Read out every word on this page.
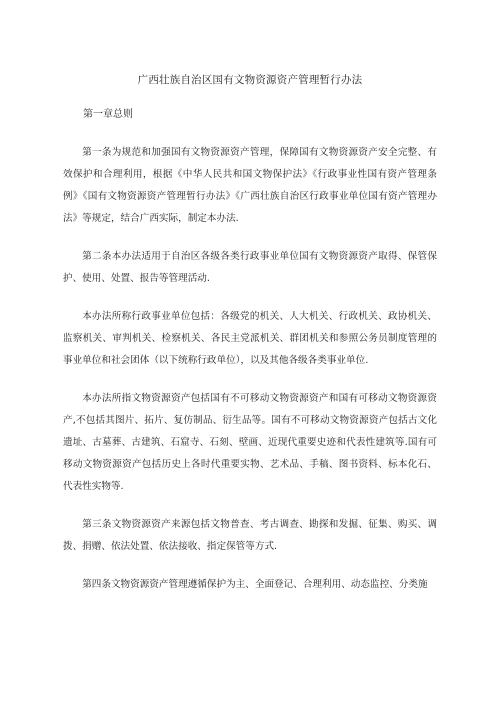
广西壮族自治区国有文物资源资产管理暂行办法
第一章总则

第一条为规范和加强国有文物资源资产管理，保障国有文物资源资产安全完整、有效保护和合理利用，根据《中华人民共和国文物保护法》《行政事业性国有资产管理条例》《国有文物资源资产管理暂行办法》《广西壮族自治区行政事业单位国有资产管理办法》等规定，结合广西实际，制定本办法.

第二条本办法适用于自治区各级各类行政事业单位国有文物资源资产取得、保管保护、使用、处置、报告等管理活动.

本办法所称行政事业单位包括：各级党的机关、人大机关、行政机关、政协机关、监察机关、审判机关、检察机关、各民主党派机关、群团机关和参照公务员制度管理的事业单位和社会团体（以下统称行政单位），以及其他各级各类事业单位.

本办法所指文物资源资产包括国有不可移动文物资源资产和国有可移动文物资源资产,不包括其图片、拓片、复仿制品、衍生品等。国有不可移动文物资源资产包括古文化遗址、古墓葬、古建筑、石窟寺、石刻、壁画、近现代重要史迹和代表性建筑等.国有可移动文物资源资产包括历史上各时代重要实物、艺术品、手稿、图书资料、标本化石、代表性实物等.

第三条文物资源资产来源包括文物普查、考古调查、勘探和发掘、征集、购买、调拨、捐赠、依法处置、依法接收、指定保管等方式.

第四条文物资源资产管理遵循保护为主、全面登记、合理利用、动态监控、分类施
